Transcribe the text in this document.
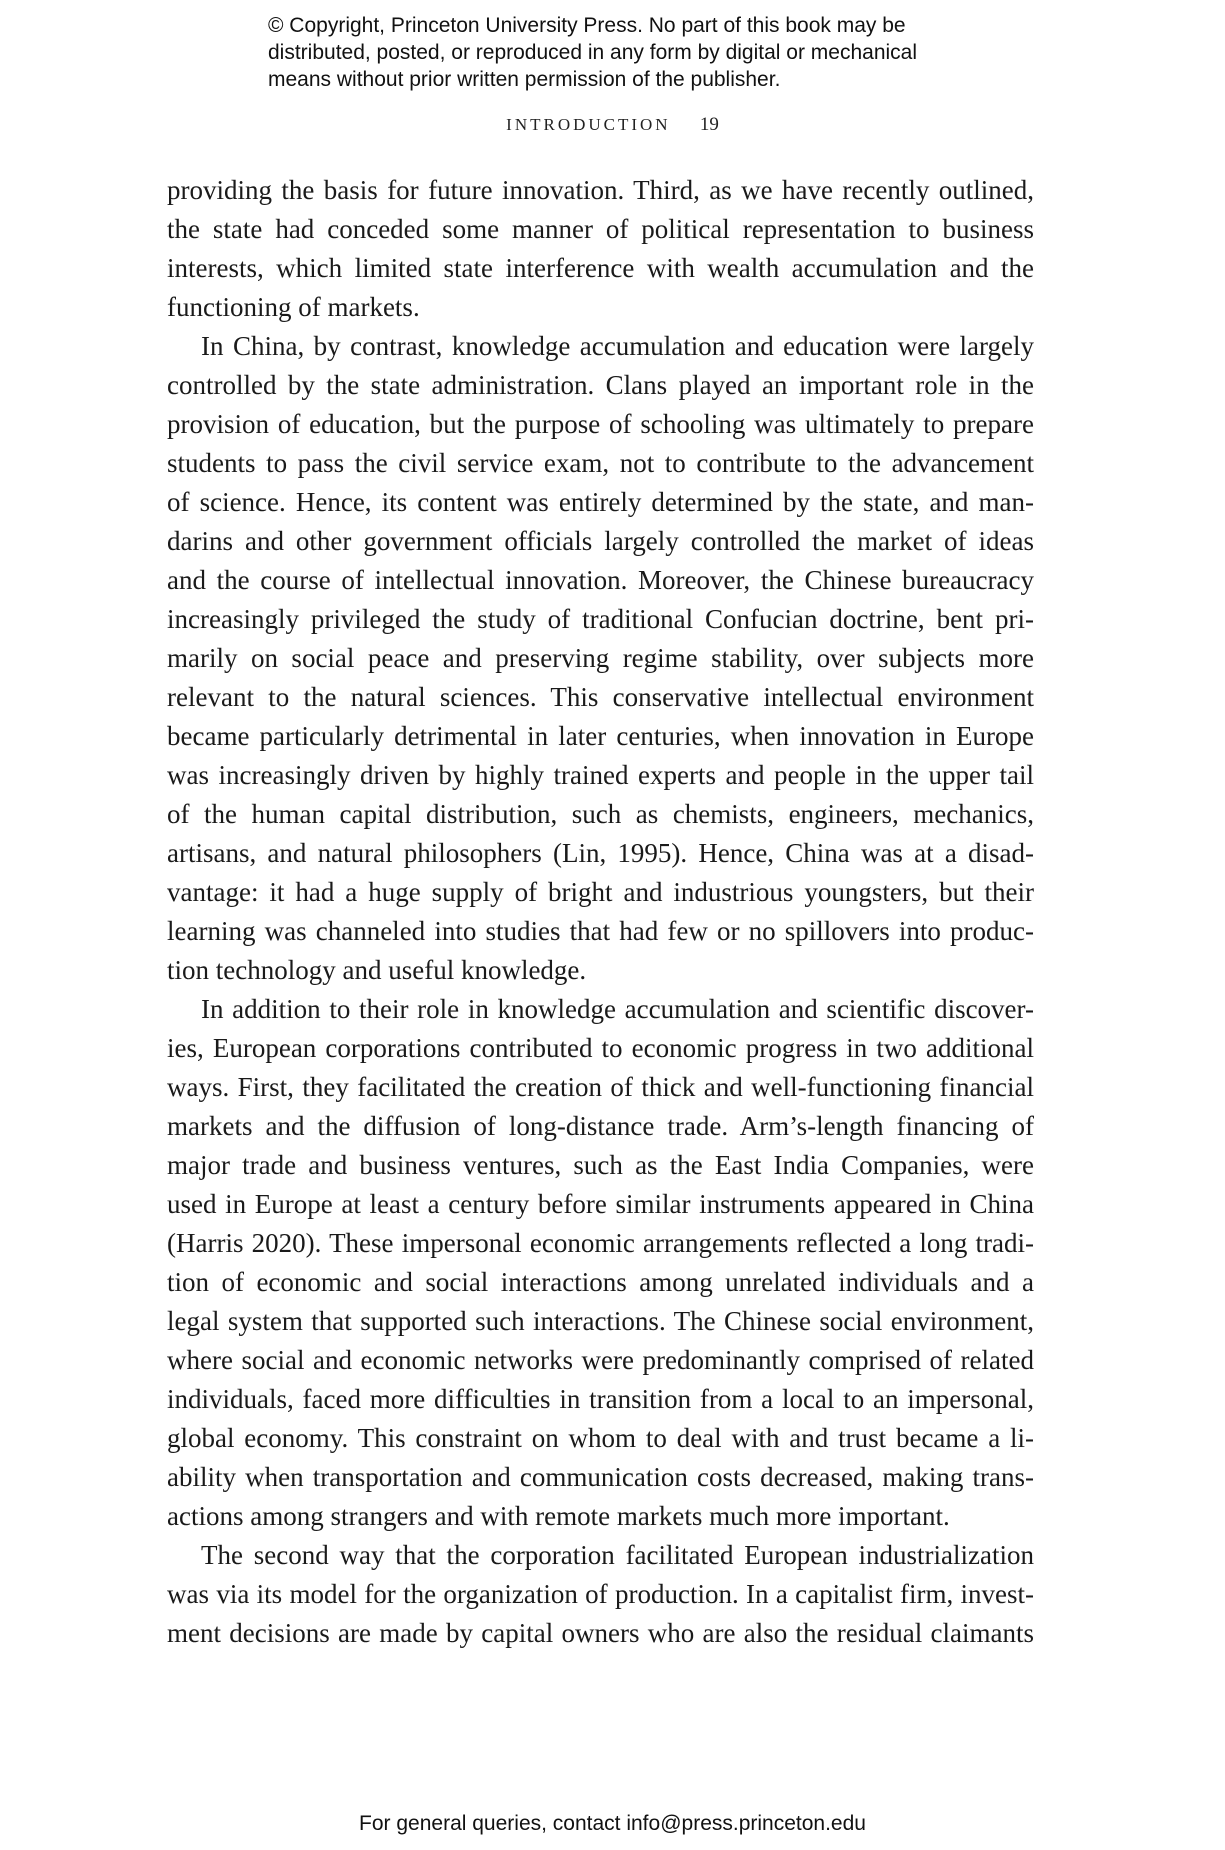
© Copyright, Princeton University Press. No part of this book may be
distributed, posted, or reproduced in any form by digital or mechanical
means without prior written permission of the publisher.
INTRODUCTION 19
providing the basis for future innovation. Third, as we have recently outlined,
the state had conceded some manner of political representation to business
interests, which limited state interference with wealth accumulation and the
functioning of markets.
In China, by contrast, knowledge accumulation and education were largely
controlled by the state administration. Clans played an important role in the
provision of education, but the purpose of schooling was ultimately to prepare
students to pass the civil service exam, not to contribute to the advancement
of science. Hence, its content was entirely determined by the state, and man-
darins and other government officials largely controlled the market of ideas
and the course of intellectual innovation. Moreover, the Chinese bureaucracy
increasingly privileged the study of traditional Confucian doctrine, bent pri-
marily on social peace and preserving regime stability, over subjects more
relevant to the natural sciences. This conservative intellectual environment
became particularly detrimental in later centuries, when innovation in Europe
was increasingly driven by highly trained experts and people in the upper tail
of the human capital distribution, such as chemists, engineers, mechanics,
artisans, and natural philosophers (Lin, 1995). Hence, China was at a disad-
vantage: it had a huge supply of bright and industrious youngsters, but their
learning was channeled into studies that had few or no spillovers into produc-
tion technology and useful knowledge.
In addition to their role in knowledge accumulation and scientific discover-
ies, European corporations contributed to economic progress in two additional
ways. First, they facilitated the creation of thick and well-functioning financial
markets and the diffusion of long-distance trade. Arm’s-length financing of
major trade and business ventures, such as the East India Companies, were
used in Europe at least a century before similar instruments appeared in China
(Harris 2020). These impersonal economic arrangements reflected a long tradi-
tion of economic and social interactions among unrelated individuals and a
legal system that supported such interactions. The Chinese social environment,
where social and economic networks were predominantly comprised of related
individuals, faced more difficulties in transition from a local to an impersonal,
global economy. This constraint on whom to deal with and trust became a li-
ability when transportation and communication costs decreased, making trans-
actions among strangers and with remote markets much more important.
The second way that the corporation facilitated European industrialization
was via its model for the organization of production. In a capitalist firm, invest-
ment decisions are made by capital owners who are also the residual claimants
For general queries, contact info@press.princeton.edu
